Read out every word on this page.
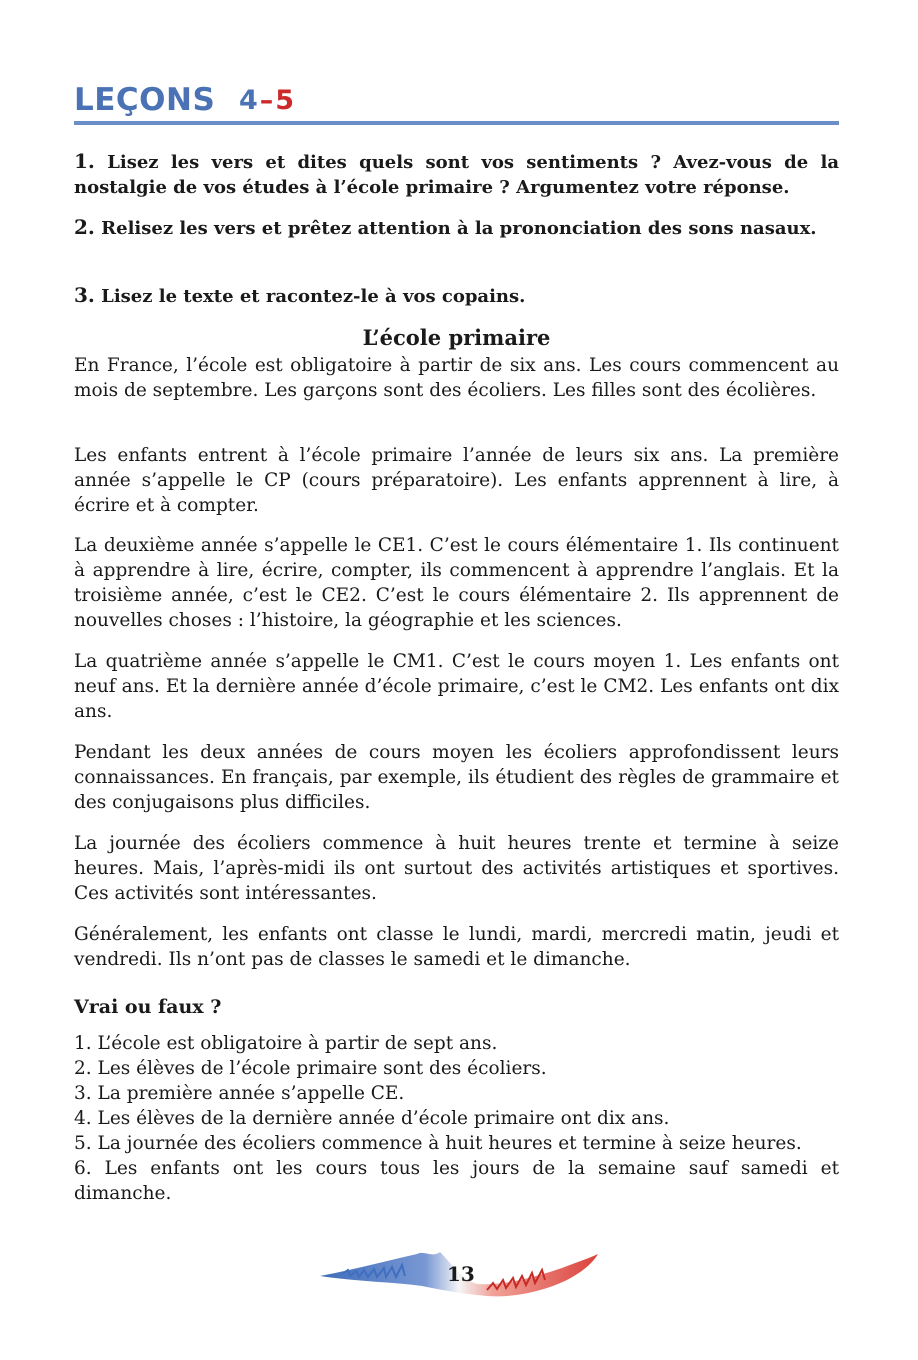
LEÇONS 4–5
1. Lisez les vers et dites quels sont vos sentiments ? Avez-vous de la nostalgie de vos études à l’école primaire ? Argumentez votre réponse.
2. Relisez les vers et prêtez attention à la prononciation des sons nasaux.
3. Lisez le texte et racontez-le à vos copains.
L’école primaire

En France, l’école est obligatoire à partir de six ans. Les cours commencent au mois de septembre. Les garçons sont des écoliers. Les filles sont des écolières.

Les enfants entrent à l’école primaire l’année de leurs six ans. La première année s’appelle le CP (cours préparatoire). Les enfants apprennent à lire, à écrire et à compter.

La deuxième année s’appelle le CE1. C’est le cours élémentaire 1. Ils continuent à apprendre à lire, écrire, compter, ils commencent à apprendre l’anglais. Et la troisième année, c’est le CE2. C’est le cours élémentaire 2. Ils apprennent de nouvelles choses : l’histoire, la géographie et les sciences.

La quatrième année s’appelle le CM1. C’est le cours moyen 1. Les enfants ont neuf ans. Et la dernière année d’école primaire, c’est le CM2. Les enfants ont dix ans.

Pendant les deux années de cours moyen les écoliers approfondissent leurs connaissances. En français, par exemple, ils étudient des règles de grammaire et des conjugaisons plus difficiles.

La journée des écoliers commence à huit heures trente et termine à seize heures. Mais, l’après-midi ils ont surtout des activités artistiques et sportives. Ces activités sont intéressantes.

Généralement, les enfants ont classe le lundi, mardi, mercredi matin, jeudi et vendredi. Ils n’ont pas de classes le samedi et le dimanche.

Vrai ou faux ?
1. L’école est obligatoire à partir de sept ans.
2. Les élèves de l’école primaire sont des écoliers.
3. La première année s’appelle CE.
4. Les élèves de la dernière année d’école primaire ont dix ans.
5. La journée des écoliers commence à huit heures et termine à seize heures.
6. Les enfants ont les cours tous les jours de la semaine sauf samedi et dimanche.
13
